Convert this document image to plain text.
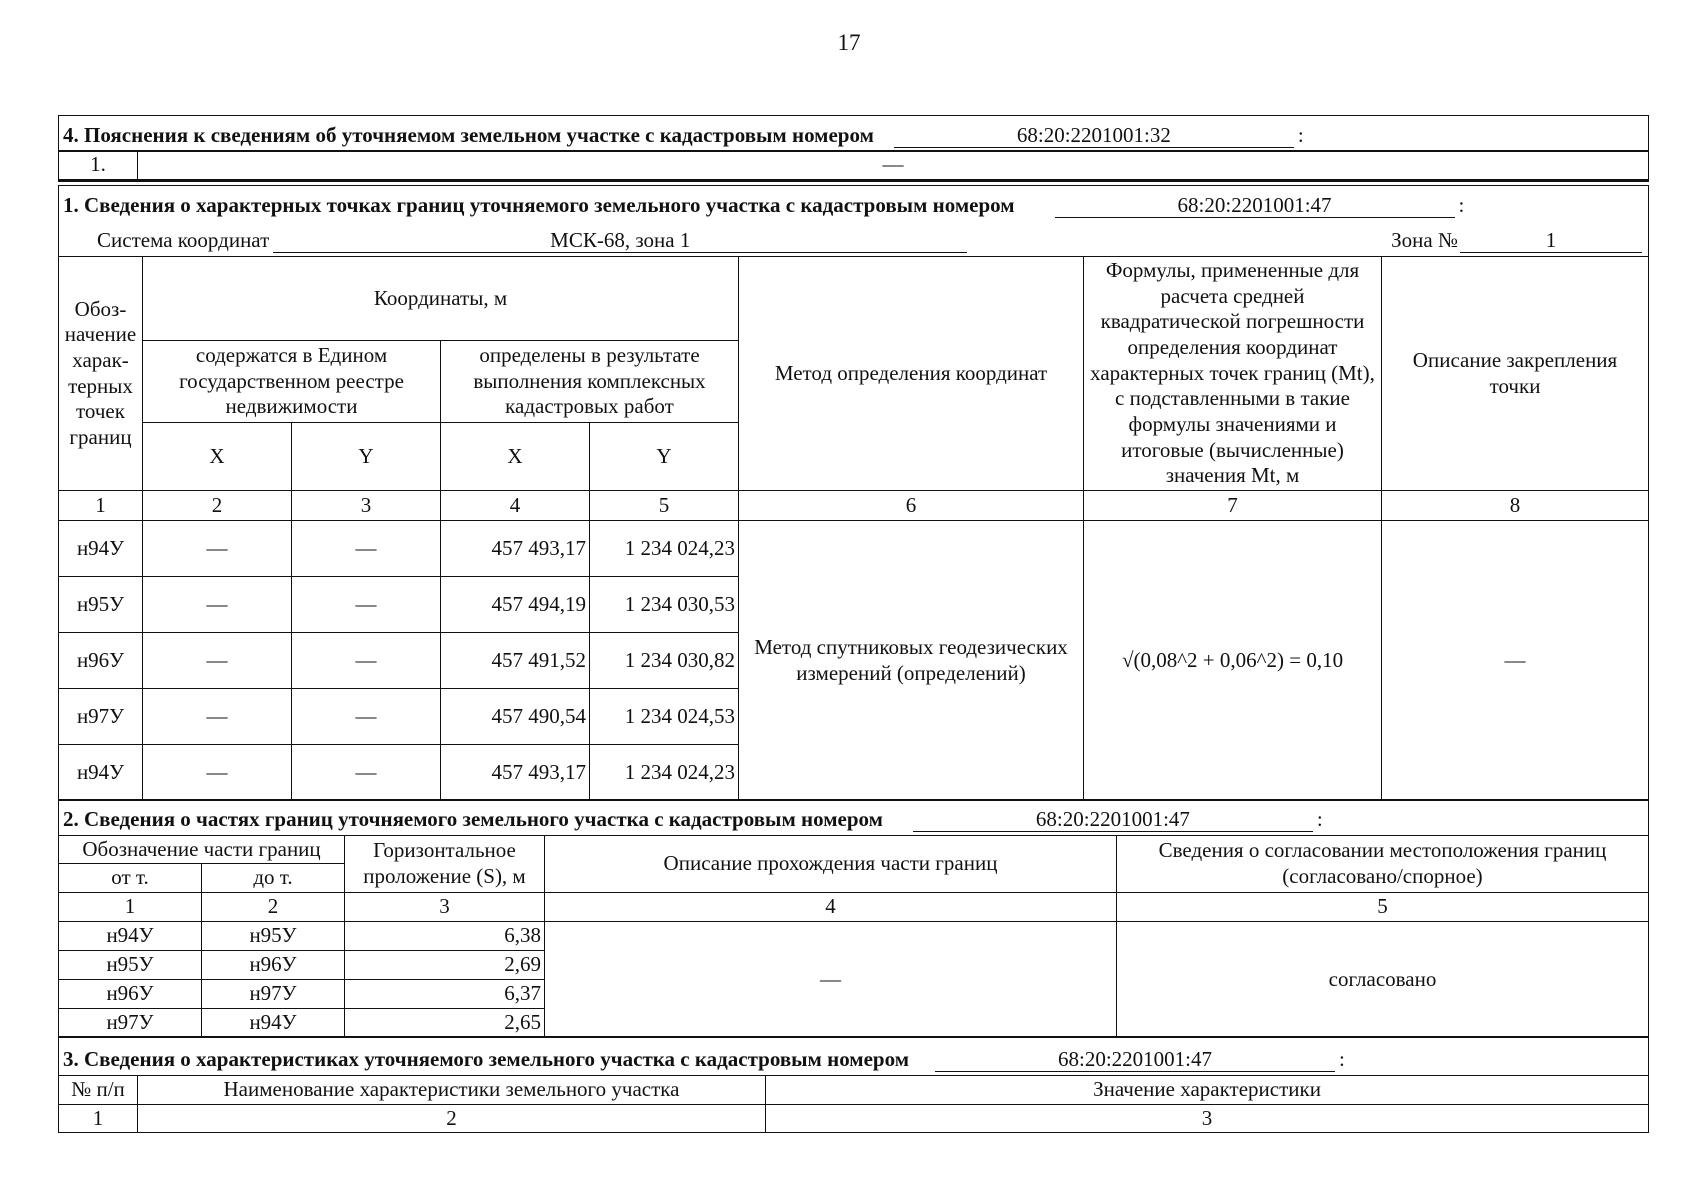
17
4. Пояснения к сведениям об уточняемом земельном участке с кадастровым номером	68:20:2201001:32	:
1.	—
1. Сведения о характерных точках границ уточняемого земельного участка с кадастровым номером	68:20:2201001:47	:
Система координат	МСК-68, зона 1	Зона №	1
Обоз-начение харак-терных точек границ	Координаты, м				Метод определения координат	Формулы, примененные для расчета средней квадратической погрешности определения координат характерных точек границ (Mt), с подставленными в такие формулы значениями и итоговые (вычисленные) значения Mt, м	Описание закрепления точки
	содержатся в Едином государственном реестре недвижимости		определены в результате выполнения комплексных кадастровых работ				
	X	Y	X	Y			
1	2	3	4	5	6	7	8
н94У	—	—	457 493,17	1 234 024,23	Метод спутниковых геодезических измерений (определений)	√(0,08^2 + 0,06^2) = 0,10	—
н95У	—	—	457 494,19	1 234 030,53			
н96У	—	—	457 491,52	1 234 030,82			
н97У	—	—	457 490,54	1 234 024,53			
н94У	—	—	457 493,17	1 234 024,23			
2. Сведения о частях границ уточняемого земельного участка с кадастровым номером	68:20:2201001:47	:
Обозначение части границ		Горизонтальное проложение (S), м	Описание прохождения части границ	Сведения о согласовании местоположения границ (согласовано/спорное)
от т.	до т.			
1	2	3	4	5
н94У	н95У	6,38	—	согласовано
н95У	н96У	2,69		
н96У	н97У	6,37		
н97У	н94У	2,65		
3. Сведения о характеристиках уточняемого земельного участка с кадастровым номером	68:20:2201001:47	:
№ п/п	Наименование характеристики земельного участка	Значение характеристики
1	2	3
